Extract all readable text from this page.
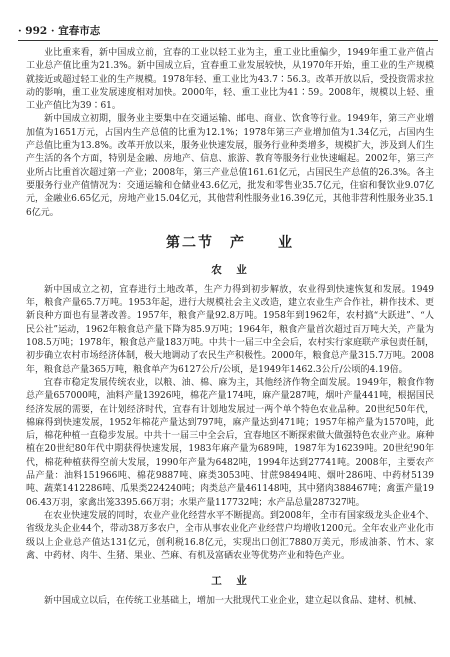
· 992 · 宜春市志

业比重来看，新中国成立前，宜春的工业以轻工业为主，重工业比重偏少，1949年重工业产值占工业总产值比重为21.3%。新中国成立后，宜春重工业发展较快，从1970年开始，重工业的生产规模就接近或超过轻工业的生产规模。1978年轻、重工业比为43.7∶56.3。改革开放以后，受投资需求拉动的影响，重工业发展速度相对加快。2000年，轻、重工业比为41∶59。2008年，规模以上轻、重工业产值比为39∶61。

新中国成立初期，服务业主要集中在交通运输、邮电、商业、饮食等行业。1949年，第三产业增加值为1651万元，占国内生产总值的比重为12.1%；1978年第三产业增加值为1.34亿元，占国内生产总值比重为13.8%。改革开放以来，服务业快速发展，服务行业种类增多，规模扩大，涉及到人们生产生活的各个方面，特别是金融、房地产、信息、旅游、教育等服务行业快速崛起。2002年，第三产业所占比重首次超过第一产业；2008年，第三产业总值161.61亿元，占国民生产总值的26.3%。各主要服务行业产值情况为：交通运输和仓储业43.6亿元，批发和零售业35.7亿元，住宿和餐饮业9.07亿元，金融业6.65亿元，房地产业15.04亿元，其他营利性服务业16.39亿元，其他非营利性服务业35.16亿元。

第二节　产　　业
农　业

新中国成立之初，宜春进行土地改革，生产力得到初步解放，农业得到快速恢复和发展。1949年，粮食产量65.7万吨。1953年起，进行大规模社会主义改造，建立农业生产合作社，耕作技术、更新良种方面也有显著改善。1957年，粮食产量92.8万吨。1958年到1962年，农村搞“大跃进”、“人民公社”运动，1962年粮食总产量下降为85.9万吨；1964年，粮食产量首次超过百万吨大关，产量为108.5万吨；1978年，粮食总产量183万吨。中共十一届三中全会后，农村实行家庭联产承包责任制，初步确立农村市场经济体制，极大地调动了农民生产积极性。2000年，粮食总产量315.7万吨。2008年，粮食总产量365万吨，粮食单产为6127公斤/公顷，是1949年1462.3公斤/公顷的4.19倍。

宜春市稳定发展传统农业，以粮、油、棉、麻为主，其他经济作物全面发展。1949年，粮食作物总产量657000吨，油料产量13926吨，棉花产量174吨，麻产量287吨，烟叶产量441吨，根据国民经济发展的需要，在计划经济时代，宜春有计划地发展过一两个单个特色农业品种。20世纪50年代，棉麻得到快速发展，1952年棉花产量达到797吨，麻产量达到471吨；1957年棉产量为1570吨，此后，棉花种植一直稳步发展。中共十一届三中全会后，宜春地区不断探索做大做强特色农业产业。麻种植在20世纪80年代中期获得快速发展，1983年麻产量为689吨，1987年为16239吨。20世纪90年代，棉花种植获得空前大发展，1990年产量为6482吨，1994年达到27741吨。2008年，主要农产品产量：油料151966吨、棉花9887吨、麻类3053吨、甘蔗98494吨、烟叶286吨、中药材5139吨、蔬菜1412286吨、瓜果类224240吨；肉类总产量461148吨，其中猪肉388467吨；禽蛋产量1906.43万羽，家禽出笼3395.66万羽；水果产量117732吨；水产品总量287327吨。

在农业快速发展的同时，农业产业化经营水平不断提高。到2008年，全市有国家级龙头企业4个、省级龙头企业44个，带动38万多农户，全市从事农业化产业经营户均增收1200元。全年农业产业化市级以上企业总产值达131亿元，创利税16.8亿元，实现出口创汇7880万美元，形成油茶、竹木、家禽、中药材、肉牛、生猪、果业、苎麻、有机及富硒农业等优势产业和特色产业。

工　业

新中国成立以后，在传统工业基础上，增加一大批现代工业企业，建立起以食品、建材、机械、
